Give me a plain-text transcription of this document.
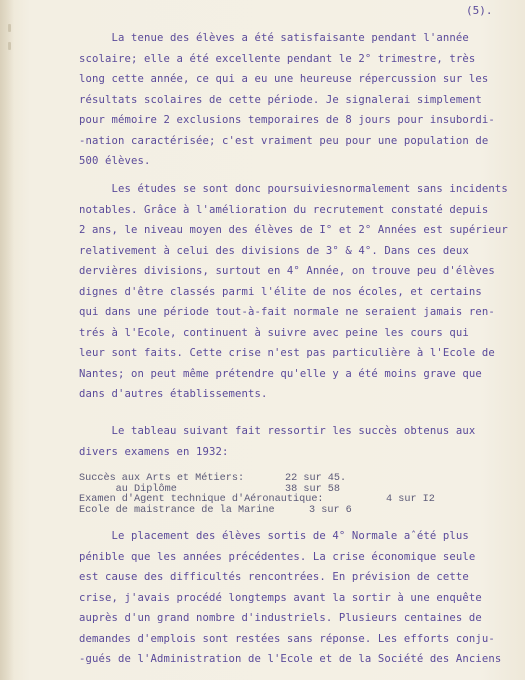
(5).
La tenue des élèves a été satisfaisante pendant l'année
scolaire; elle a été excellente pendant le 2° trimestre, très
long cette année, ce qui a eu une heureuse répercussion sur les
résultats scolaires de cette période. Je signalerai simplement
pour mémoire 2 exclusions temporaires de 8 jours pour insubordi-
-nation caractérisée; c'est vraiment peu pour une population de
500 élèves.
Les études se sont donc poursuiviesnormalement sans incidents
notables. Grâce à l'amélioration du recrutement constaté depuis
2 ans, le niveau moyen des élèves de I° et 2° Années est supérieur
relativement à celui des divisions de 3° & 4°. Dans ces deux
dervières divisions, surtout en 4° Année, on trouve peu d'élèves
dignes d'être classés parmi l'élite de nos écoles, et certains
qui dans une période tout-à-fait normale ne seraient jamais ren-
trés à l'Ecole, continuent à suivre avec peine les cours qui
leur sont faits. Cette crise n'est pas particulière à l'Ecole de
Nantes; on peut même prétendre qu'elle y a été moins grave que
dans d'autres établissements.
Le tableau suivant fait ressortir les succès obtenus aux
divers examens en 1932:
Succès aux Arts et Métiers:	22 sur 45.
au Diplôme	38 sur 58
Examen d'Agent technique d'Aéronautique:	4 sur I2
Ecole de maistrance de la Marine	3 sur 6
Le placement des élèves sortis de 4° Normale aˆété plus
pénible que les années précédentes. La crise économique seule
est cause des difficultés rencontrées. En prévision de cette
crise, j'avais procédé longtemps avant la sortir à une enquête
auprès d'un grand nombre d'industriels. Plusieurs centaines de
demandes d'emplois sont restées sans réponse. Les efforts conju-
-gués de l'Administration de l'Ecole et de la Société des Anciens
